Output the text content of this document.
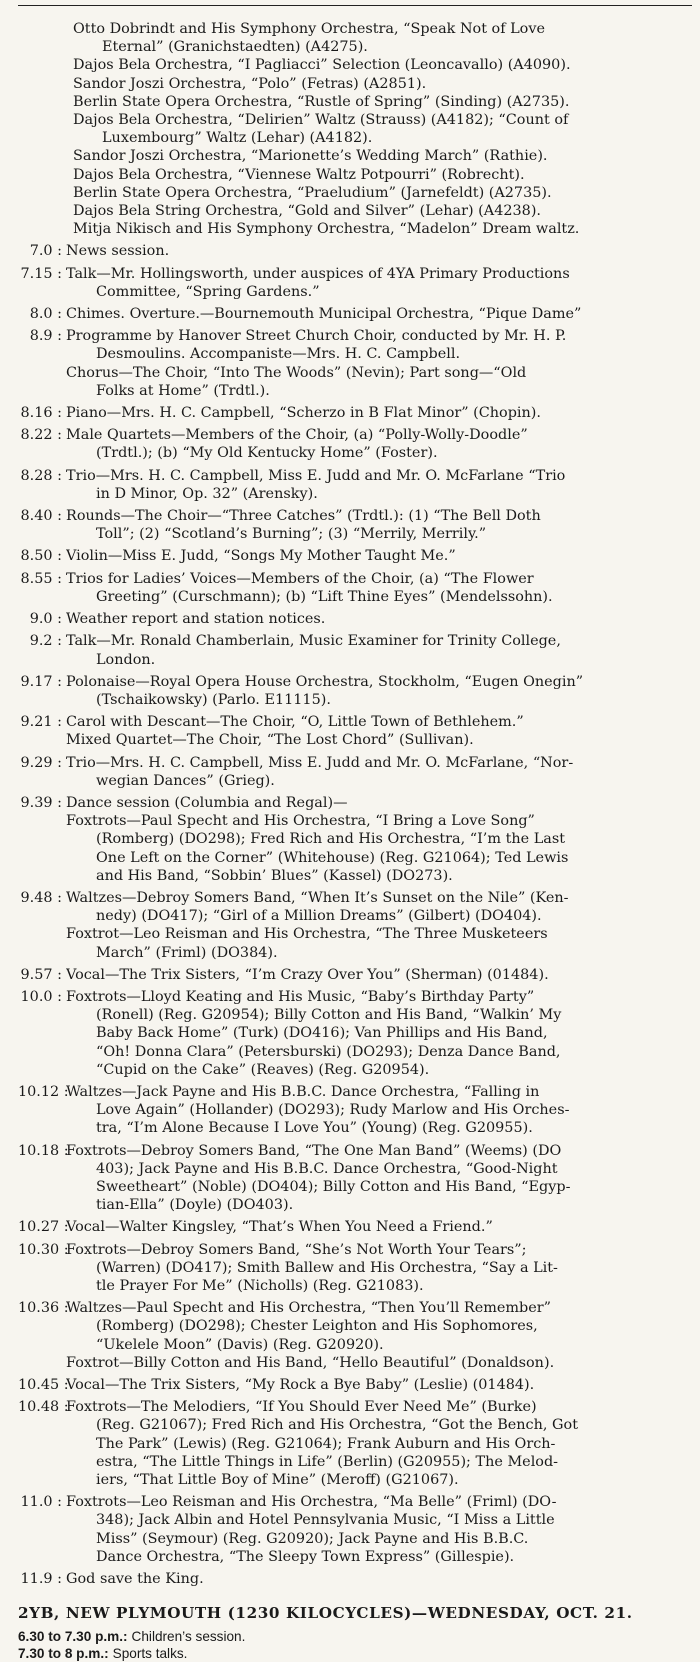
Otto Dobrindt and His Symphony Orchestra, “Speak Not of Love
Eternal” (Granichstaedten) (A4275).
Dajos Bela Orchestra, “I Pagliacci” Selection (Leoncavallo) (A4090).
Sandor Joszi Orchestra, “Polo” (Fetras) (A2851).
Berlin State Opera Orchestra, “Rustle of Spring” (Sinding) (A2735).
Dajos Bela Orchestra, “Delirien” Waltz (Strauss) (A4182); “Count of
Luxembourg” Waltz (Lehar) (A4182).
Sandor Joszi Orchestra, “Marionette’s Wedding March” (Rathie).
Dajos Bela Orchestra, “Viennese Waltz Potpourri” (Robrecht).
Berlin State Opera Orchestra, “Praeludium” (Jarnefeldt) (A2735).
Dajos Bela String Orchestra, “Gold and Silver” (Lehar) (A4238).
Mitja Nikisch and His Symphony Orchestra, “Madelon” Dream waltz.
7.0 : News session.
7.15 : Talk—Mr. Hollingsworth, under auspices of 4YA Primary Productions
Committee, “Spring Gardens.”
8.0 : Chimes. Overture.—Bournemouth Municipal Orchestra, “Pique Dame”
8.9 : Programme by Hanover Street Church Choir, conducted by Mr. H. P.
Desmoulins. Accompaniste—Mrs. H. C. Campbell.
Chorus—The Choir, “Into The Woods” (Nevin); Part song—“Old
Folks at Home” (Trdtl.).
8.16 : Piano—Mrs. H. C. Campbell, “Scherzo in B Flat Minor” (Chopin).
8.22 : Male Quartets—Members of the Choir, (a) “Polly-Wolly-Doodle”
(Trdtl.); (b) “My Old Kentucky Home” (Foster).
8.28 : Trio—Mrs. H. C. Campbell, Miss E. Judd and Mr. O. McFarlane “Trio
in D Minor, Op. 32” (Arensky).
8.40 : Rounds—The Choir—“Three Catches” (Trdtl.): (1) “The Bell Doth
Toll”; (2) “Scotland’s Burning”; (3) “Merrily, Merrily.”
8.50 : Violin—Miss E. Judd, “Songs My Mother Taught Me.”
8.55 : Trios for Ladies’ Voices—Members of the Choir, (a) “The Flower
Greeting” (Curschmann); (b) “Lift Thine Eyes” (Mendelssohn).
9.0 : Weather report and station notices.
9.2 : Talk—Mr. Ronald Chamberlain, Music Examiner for Trinity College,
London.
9.17 : Polonaise—Royal Opera House Orchestra, Stockholm, “Eugen Onegin”
(Tschaikowsky) (Parlo. E11115).
9.21 : Carol with Descant—The Choir, “O, Little Town of Bethlehem.”
Mixed Quartet—The Choir, “The Lost Chord” (Sullivan).
9.29 : Trio—Mrs. H. C. Campbell, Miss E. Judd and Mr. O. McFarlane, “Nor-
wegian Dances” (Grieg).
9.39 : Dance session (Columbia and Regal)—
Foxtrots—Paul Specht and His Orchestra, “I Bring a Love Song”
(Romberg) (DO298); Fred Rich and His Orchestra, “I’m the Last
One Left on the Corner” (Whitehouse) (Reg. G21064); Ted Lewis
and His Band, “Sobbin’ Blues” (Kassel) (DO273).
9.48 : Waltzes—Debroy Somers Band, “When It’s Sunset on the Nile” (Ken-
nedy) (DO417); “Girl of a Million Dreams” (Gilbert) (DO404).
Foxtrot—Leo Reisman and His Orchestra, “The Three Musketeers
March” (Friml) (DO384).
9.57 : Vocal—The Trix Sisters, “I’m Crazy Over You” (Sherman) (01484).
10.0 : Foxtrots—Lloyd Keating and His Music, “Baby’s Birthday Party”
(Ronell) (Reg. G20954); Billy Cotton and His Band, “Walkin’ My
Baby Back Home” (Turk) (DO416); Van Phillips and His Band,
“Oh! Donna Clara” (Petersburski) (DO293); Denza Dance Band,
“Cupid on the Cake” (Reaves) (Reg. G20954).
10.12 :
Waltzes—Jack Payne and His B.B.C. Dance Orchestra, “Falling in
Love Again” (Hollander) (DO293); Rudy Marlow and His Orches-
tra, “I’m Alone Because I Love You” (Young) (Reg. G20955).
10.18 :
Foxtrots—Debroy Somers Band, “The One Man Band” (Weems) (DO
403); Jack Payne and His B.B.C. Dance Orchestra, “Good-Night
Sweetheart” (Noble) (DO404); Billy Cotton and His Band, “Egyp-
tian-Ella” (Doyle) (DO403).
10.27 :
Vocal—Walter Kingsley, “That’s When You Need a Friend.”
10.30 :
Foxtrots—Debroy Somers Band, “She’s Not Worth Your Tears”;
(Warren) (DO417); Smith Ballew and His Orchestra, “Say a Lit-
tle Prayer For Me” (Nicholls) (Reg. G21083).
10.36 :
Waltzes—Paul Specht and His Orchestra, “Then You’ll Remember”
(Romberg) (DO298); Chester Leighton and His Sophomores,
“Ukelele Moon” (Davis) (Reg. G20920).
Foxtrot—Billy Cotton and His Band, “Hello Beautiful” (Donaldson).
10.45 :
Vocal—The Trix Sisters, “My Rock a Bye Baby” (Leslie) (01484).
10.48 :
Foxtrots—The Melodiers, “If You Should Ever Need Me” (Burke)
(Reg. G21067); Fred Rich and His Orchestra, “Got the Bench, Got
The Park” (Lewis) (Reg. G21064); Frank Auburn and His Orch-
estra, “The Little Things in Life” (Berlin) (G20955); The Melod-
iers, “That Little Boy of Mine” (Meroff) (G21067).
11.0 : Foxtrots—Leo Reisman and His Orchestra, “Ma Belle” (Friml) (DO-
348); Jack Albin and Hotel Pennsylvania Music, “I Miss a Little
Miss” (Seymour) (Reg. G20920); Jack Payne and His B.B.C.
Dance Orchestra, “The Sleepy Town Express” (Gillespie).
11.9 : God save the King.
2YB, NEW PLYMOUTH (1230 KILOCYCLES)—WEDNESDAY, OCT. 21.
6.30 to 7.30 p.m.: Children’s session.
7.30 to 8 p.m.: Sports talks.
